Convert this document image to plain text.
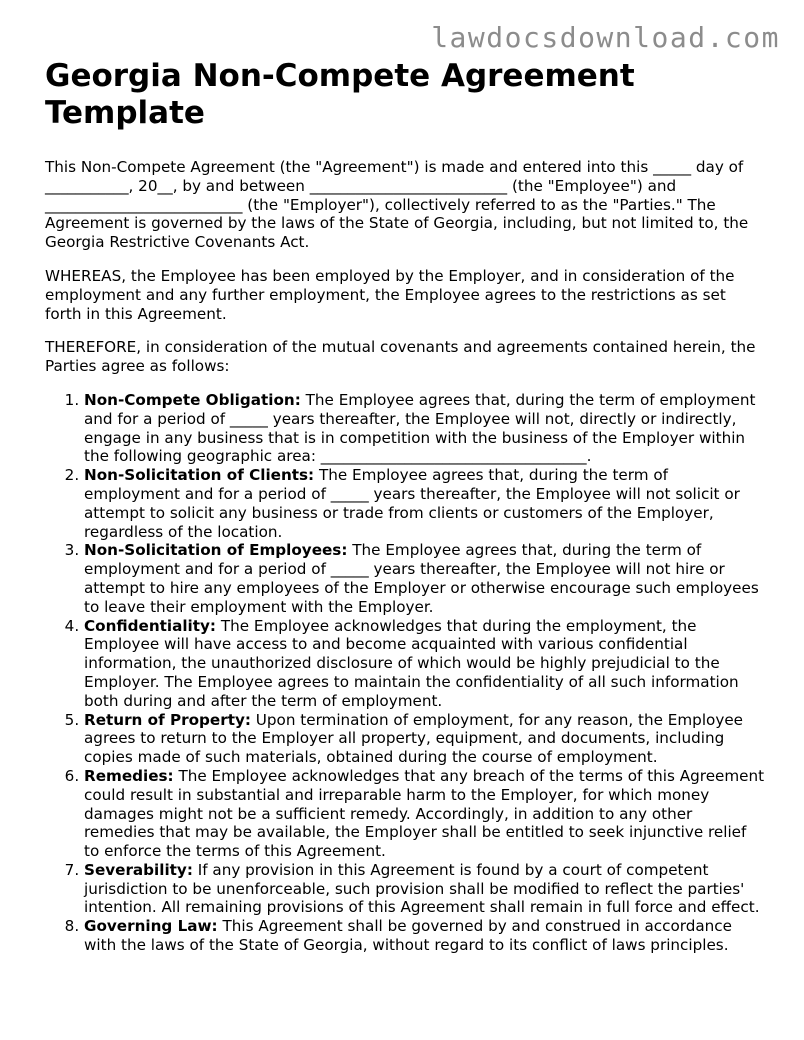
lawdocsdownload.com
Georgia Non-Compete Agreement Template

This Non-Compete Agreement (the "Agreement") is made and entered into this _____ day of ___________, 20__, by and between __________________________ (the "Employee") and __________________________ (the "Employer"), collectively referred to as the "Parties." The Agreement is governed by the laws of the State of Georgia, including, but not limited to, the Georgia Restrictive Covenants Act.

WHEREAS, the Employee has been employed by the Employer, and in consideration of the employment and any further employment, the Employee agrees to the restrictions as set forth in this Agreement.

THEREFORE, in consideration of the mutual covenants and agreements contained herein, the Parties agree as follows:

1. Non-Compete Obligation: The Employee agrees that, during the term of employment and for a period of _____ years thereafter, the Employee will not, directly or indirectly, engage in any business that is in competition with the business of the Employer within the following geographic area: ___________________________________.
2. Non-Solicitation of Clients: The Employee agrees that, during the term of employment and for a period of _____ years thereafter, the Employee will not solicit or attempt to solicit any business or trade from clients or customers of the Employer, regardless of the location.
3. Non-Solicitation of Employees: The Employee agrees that, during the term of employment and for a period of _____ years thereafter, the Employee will not hire or attempt to hire any employees of the Employer or otherwise encourage such employees to leave their employment with the Employer.
4. Confidentiality: The Employee acknowledges that during the employment, the Employee will have access to and become acquainted with various confidential information, the unauthorized disclosure of which would be highly prejudicial to the Employer. The Employee agrees to maintain the confidentiality of all such information both during and after the term of employment.
5. Return of Property: Upon termination of employment, for any reason, the Employee agrees to return to the Employer all property, equipment, and documents, including copies made of such materials, obtained during the course of employment.
6. Remedies: The Employee acknowledges that any breach of the terms of this Agreement could result in substantial and irreparable harm to the Employer, for which money damages might not be a sufficient remedy. Accordingly, in addition to any other remedies that may be available, the Employer shall be entitled to seek injunctive relief to enforce the terms of this Agreement.
7. Severability: If any provision in this Agreement is found by a court of competent jurisdiction to be unenforceable, such provision shall be modified to reflect the parties' intention. All remaining provisions of this Agreement shall remain in full force and effect.
8. Governing Law: This Agreement shall be governed by and construed in accordance with the laws of the State of Georgia, without regard to its conflict of laws principles.
